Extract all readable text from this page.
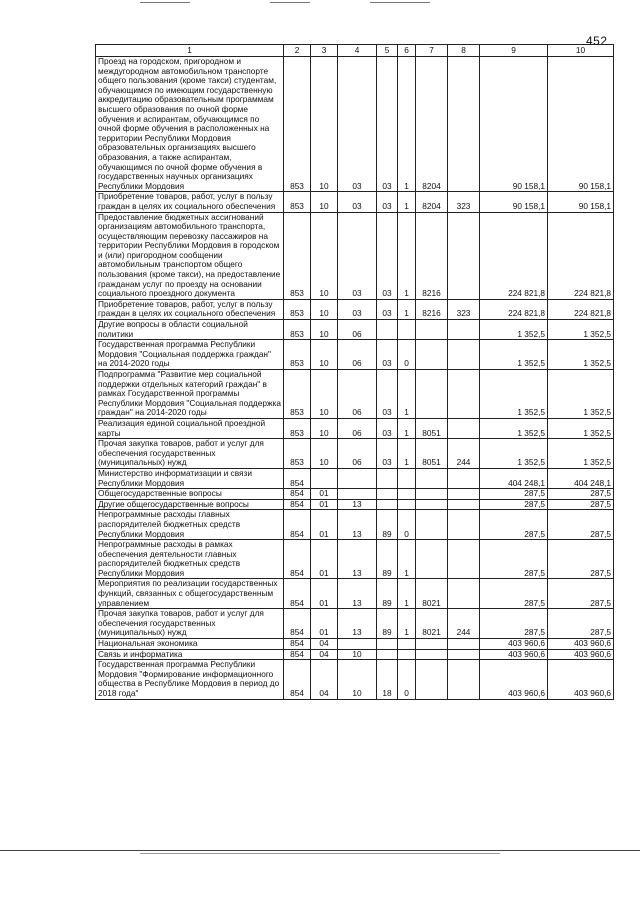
452
1	2	3	4	5	6	7	8	9	10
Проезд на городском, пригородном и междугородном автомобильном транспорте общего пользования (кроме такси) студентам, обучающимся по имеющим государственную аккредитацию образовательным программам высшего образования по очной форме обучения и аспирантам, обучающимся по очной форме обучения в расположенных на территории Республики Мордовия образовательных организациях высшего образования, а также аспирантам, обучающимся по очной форме обучения в государственных научных организациях Республики Мордовия	853	10	03	03	1	8204		90 158,1	90 158,1
Приобретение товаров, работ, услуг в пользу граждан в целях их социального обеспечения	853	10	03	03	1	8204	323	90 158,1	90 158,1
Предоставление бюджетных ассигнований организациям автомобильного транспорта, осуществляющим перевозку пассажиров на территории Республики Мордовия в городском и (или) пригородном сообщении автомобильным транспортом общего пользования (кроме такси), на предоставление гражданам услуг по проезду на основании социального проездного документа	853	10	03	03	1	8216		224 821,8	224 821,8
Приобретение товаров, работ, услуг в пользу граждан в целях их социального обеспечения	853	10	03	03	1	8216	323	224 821,8	224 821,8
Другие вопросы в области социальной политики	853	10	06					1 352,5	1 352,5
Государственная программа Республики Мордовия "Социальная поддержка граждан" на 2014-2020 годы	853	10	06	03	0			1 352,5	1 352,5
Подпрограмма "Развитие мер социальной поддержки отдельных категорий граждан" в рамках Государственной программы Республики Мордовия "Социальная поддержка граждан" на 2014-2020 годы	853	10	06	03	1			1 352,5	1 352,5
Реализация единой социальной проездной карты	853	10	06	03	1	8051		1 352,5	1 352,5
Прочая закупка товаров, работ и услуг для обеспечения государственных (муниципальных) нужд	853	10	06	03	1	8051	244	1 352,5	1 352,5
Министерство информатизации и связи Республики Мордовия	854							404 248,1	404 248,1
Общегосударственные вопросы	854	01						287,5	287,5
Другие общегосударственные вопросы	854	01	13					287,5	287,5
Непрограммные расходы главных распорядителей бюджетных средств Республики Мордовия	854	01	13	89	0			287,5	287,5
Непрограммные расходы в рамках обеспечения деятельности главных распорядителей бюджетных средств Республики Мордовия	854	01	13	89	1			287,5	287,5
Мероприятия по реализации государственных функций, связанных с общегосударственным управлением	854	01	13	89	1	8021		287,5	287,5
Прочая закупка товаров, работ и услуг для обеспечения государственных (муниципальных) нужд	854	01	13	89	1	8021	244	287,5	287,5
Национальная экономика	854	04						403 960,6	403 960,6
Связь и информатика	854	04	10					403 960,6	403 960,6
Государственная программа Республики Мордовия "Формирование информационного общества в Республике Мордовия в период до 2018 года"	854	04	10	18	0			403 960,6	403 960,6
